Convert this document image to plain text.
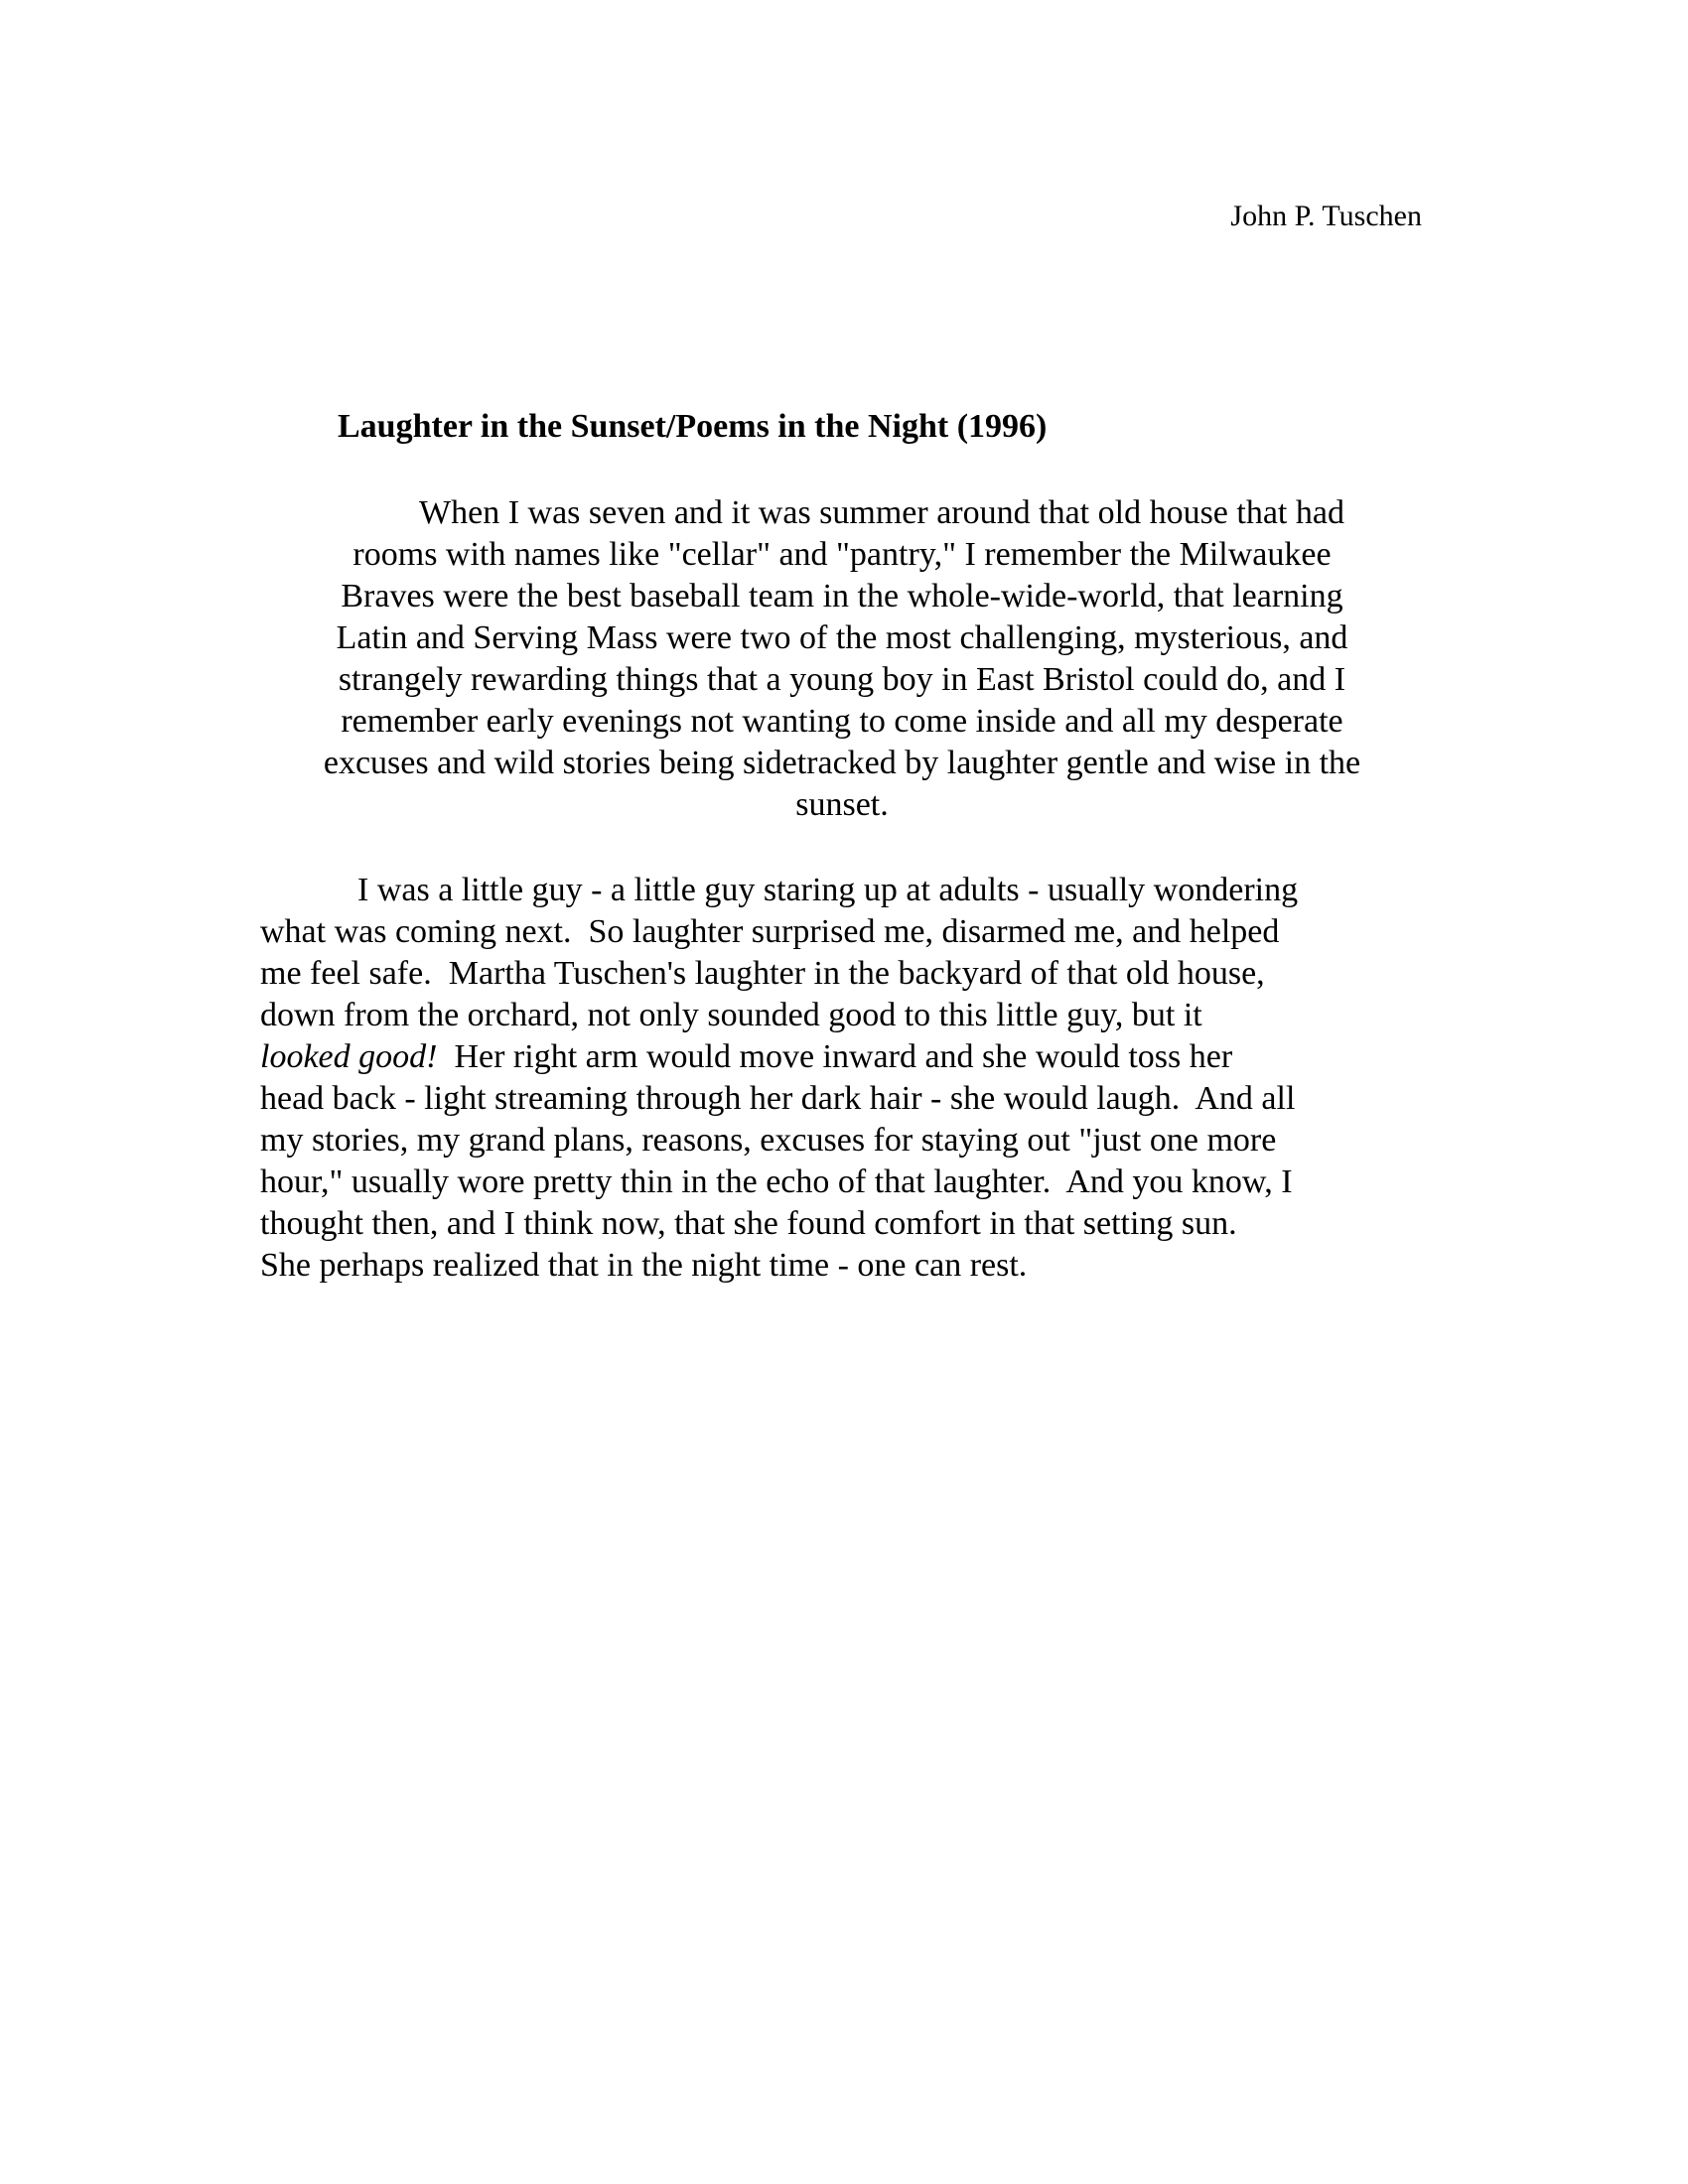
John P. Tuschen
Laughter in the Sunset/Poems in the Night (1996)
When I was seven and it was summer around that old house that had
rooms with names like "cellar" and "pantry," I remember the Milwaukee
Braves were the best baseball team in the whole-wide-world, that learning
Latin and Serving Mass were two of the most challenging, mysterious, and
strangely rewarding things that a young boy in East Bristol could do, and I
remember early evenings not wanting to come inside and all my desperate
excuses and wild stories being sidetracked by laughter gentle and wise in the
sunset.
I was a little guy - a little guy staring up at adults - usually wondering
what was coming next.  So laughter surprised me, disarmed me, and helped
me feel safe.  Martha Tuschen's laughter in the backyard of that old house,
down from the orchard, not only sounded good to this little guy, but it
looked good!  Her right arm would move inward and she would toss her
head back - light streaming through her dark hair - she would laugh.  And all
my stories, my grand plans, reasons, excuses for staying out "just one more
hour," usually wore pretty thin in the echo of that laughter.  And you know, I
thought then, and I think now, that she found comfort in that setting sun.
She perhaps realized that in the night time - one can rest.
